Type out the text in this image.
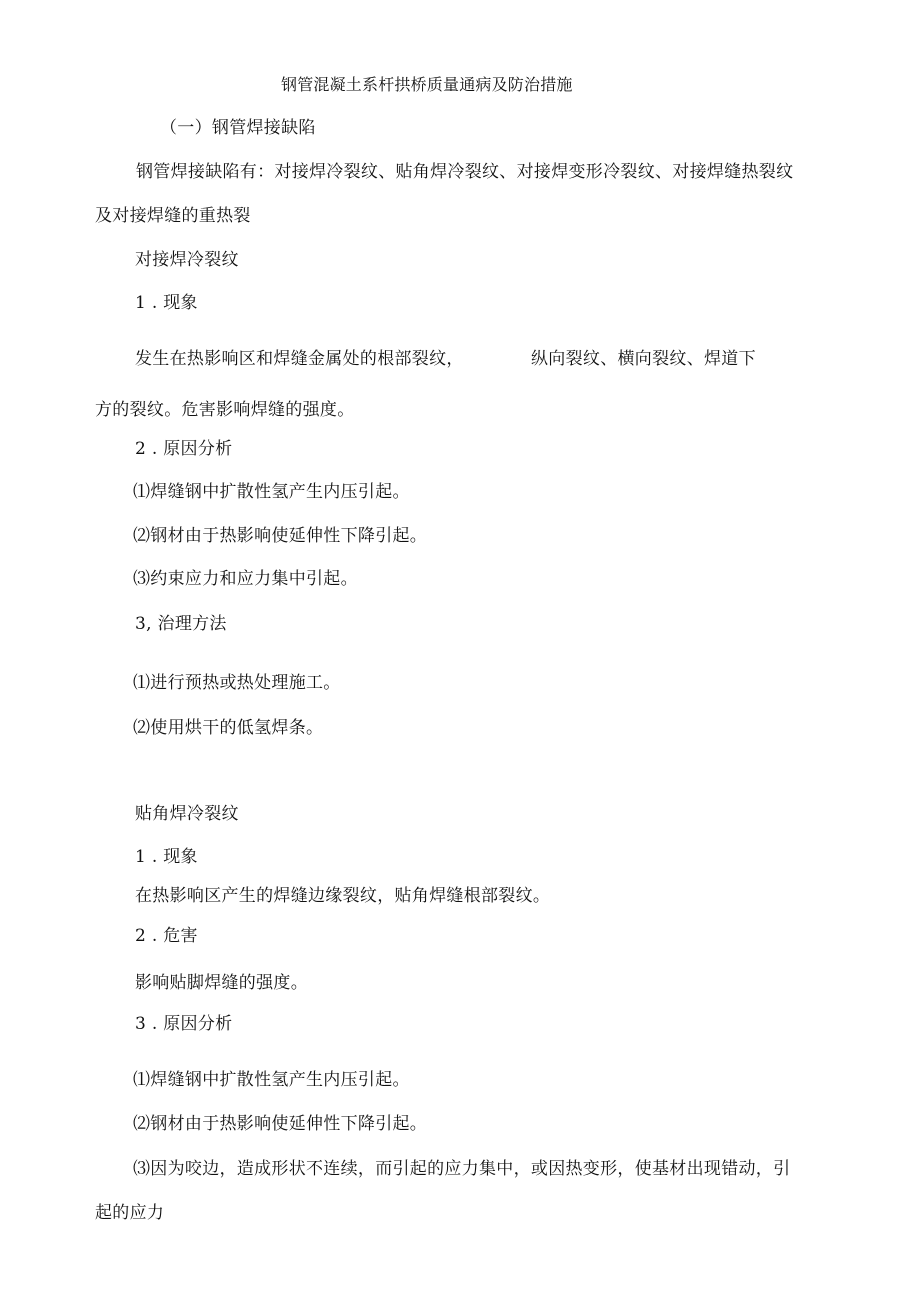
钢管混凝土系杆拱桥质量通病及防治措施
（一）钢管焊接缺陷
钢管焊接缺陷有：对接焊冷裂纹、贴角焊冷裂纹、对接焊变形冷裂纹、对接焊缝热裂纹
及对接焊缝的重热裂
对接焊冷裂纹
1 . 现象
发生在热影响区和焊缝金属处的根部裂纹，	纵向裂纹、横向裂纹、焊道下
方的裂纹。危害影响焊缝的强度。
2 . 原因分析
⑴焊缝钢中扩散性氢产生内压引起。
⑵钢材由于热影响使延伸性下降引起。
⑶约束应力和应力集中引起。
3, 治理方法
⑴进行预热或热处理施工。
⑵使用烘干的低氢焊条。
贴角焊冷裂纹
1 . 现象
在热影响区产生的焊缝边缘裂纹，贴角焊缝根部裂纹。
2 . 危害
影响贴脚焊缝的强度。
3 . 原因分析
⑴焊缝钢中扩散性氢产生内压引起。
⑵钢材由于热影响使延伸性下降引起。
⑶因为咬边，造成形状不连续，而引起的应力集中，或因热变形，使基材出现错动，引
起的应力
